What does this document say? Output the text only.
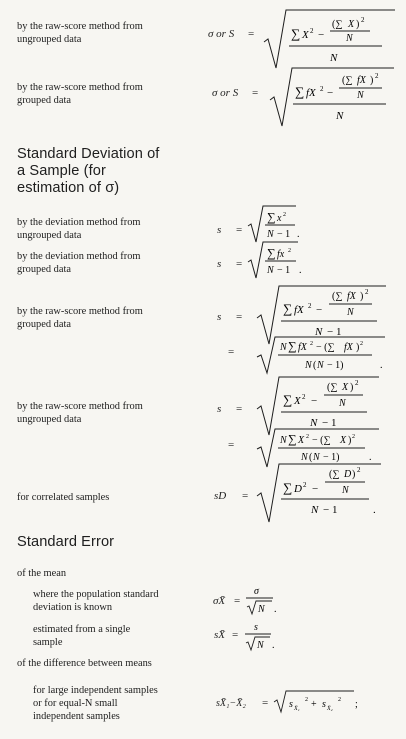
by the raw-score method from
ungrouped data	σ or S =	∑ X 2 −
(∑ X ) 2
N
N
by the raw-score method from
grouped data
σ or S =	∑ fX 2 −
(∑ fX ) 2
N
N
Standard Deviation of
a Sample (for
estimation of σ)
by the deviation method from
ungrouped data	s =
∑ x 2
N − 1 .
by the deviation method from
grouped data	s =
∑ fx 2
N − 1 .
by the raw-score method from
grouped data
s =
∑ fX 2 −
(∑ fX ) 2
N
N − 1
=	N ∑ fX 2 − (∑ fX ) 2
N ( N − 1)	.
by the raw-score method from
ungrouped data
s =
∑ X 2 −
(∑ X ) 2
N
N − 1
=	N ∑ X 2 − (∑ X ) 2
N ( N − 1)	.
for correlated samples	sD =
∑ D 2 −
(∑ D ) 2
N
N − 1	.
Standard Error
of the mean
where the population standard
deviation is known
σX̄ =
σ
N .
estimated from a single
sample
sX̄ =
s
N .
of the difference between means
for large independent samples
or for equal-N small
independent samples
sX̄₁−X̄₂ = s X̄₁
2 + s X̄₂
2 ;
